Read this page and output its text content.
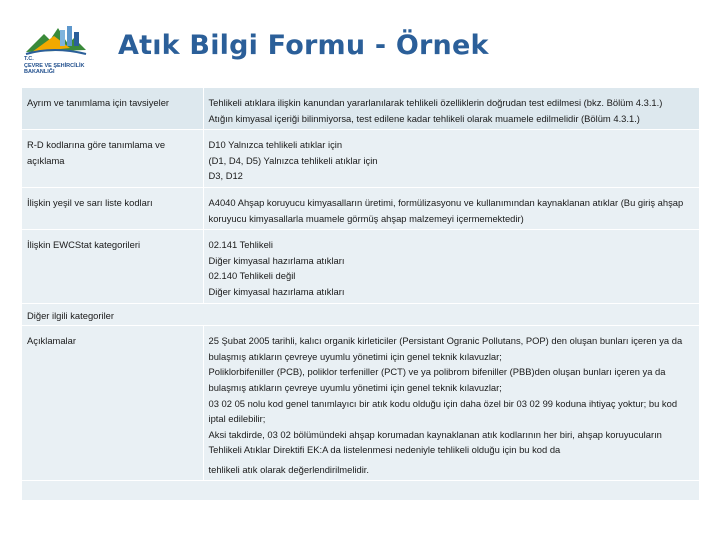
T.C.
ÇEVRE VE ŞEHİRCİLİK
BAKANLIĞI
Atık Bilgi Formu - Örnek
Ayrım ve tanımlama için tavsiyeler	Tehlikeli atıklara ilişkin kanundan yararlanılarak tehlikeli özelliklerin doğrudan test edilmesi (bkz. Bölüm 4.3.1.)

Atığın kimyasal içeriği bilinmiyorsa, test edilene kadar tehlikeli olarak muamele edilmelidir (Bölüm 4.3.1.)

R-D kodlarına göre tanımlama ve açıklama	D10 Yalnızca tehlikeli atıklar için

(D1, D4, D5) Yalnızca tehlikeli atıklar için

D3, D12

İlişkin yeşil ve sarı liste kodları	A4040 Ahşap koruyucu kimyasalların üretimi, formülizasyonu ve kullanımından kaynaklanan atıklar (Bu giriş ahşap koruyucu kimyasallarla muamele görmüş ahşap malzemeyi içermemektedir)

İlişkin EWCStat kategorileri	02.141 Tehlikeli

Diğer kimyasal hazırlama atıkları

02.140 Tehlikeli değil

Diğer kimyasal hazırlama atıkları

Diğer ilgili kategoriler	
Açıklamalar	25 Şubat 2005 tarihli, kalıcı organik kirleticiler (Persistant Ogranic Pollutans, POP) den oluşan bunları içeren ya da bulaşmış atıkların çevreye uyumlu yönetimi için genel teknik kılavuzlar;

Poliklorbifeniller (PCB), poliklor terfeniller (PCT) ve ya polibrom bifeniller (PBB)den oluşan bunları içeren ya da bulaşmış atıkların çevreye uyumlu yönetimi için genel teknik kılavuzlar;

03 02 05 nolu kod genel tanımlayıcı bir atık kodu olduğu için daha özel bir 03 02 99 koduna ihtiyaç yoktur; bu kod iptal edilebilir;

Aksi takdirde, 03 02 bölümündeki ahşap korumadan kaynaklanan atık kodlarının her biri, ahşap koruyucuların Tehlikeli Atıklar Direktifi EK:A da listelenmesi nedeniyle tehlikeli olduğu için bu kod da

tehlikeli atık olarak değerlendirilmelidir.
